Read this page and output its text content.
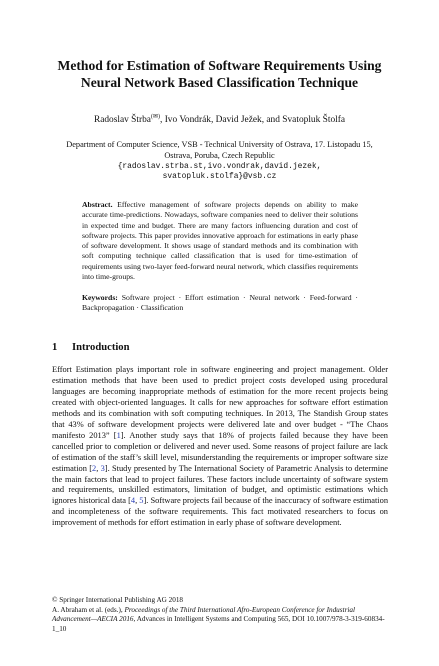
Method for Estimation of Software Requirements Using Neural Network Based Classification Technique
Radoslav Štrba(✉), Ivo Vondrák, David Ježek, and Svatopluk Štolfa
Department of Computer Science, VSB - Technical University of Ostrava, 17. Listopadu 15,
Ostrava, Poruba, Czech Republic
{radoslav.strba.st,ivo.vondrak,david.jezek,
svatopluk.stolfa}@vsb.cz
Abstract. Effective management of software projects depends on ability to make accurate time-predictions. Nowadays, software companies need to deliver their solutions in expected time and budget. There are many factors influencing duration and cost of software projects. This paper provides innovative approach for estimations in early phase of software development. It shows usage of standard methods and its combination with soft computing technique called classification that is used for time-estimation of requirements using two-layer feed-forward neural network, which classifies requirements into time-groups.
Keywords: Software project · Effort estimation · Neural network · Feed-forward · Backpropagation · Classification
1 Introduction
Effort Estimation plays important role in software engineering and project management. Older estimation methods that have been used to predict project costs developed using procedural languages are becoming inappropriate methods of estimation for the more recent projects being created with object-oriented languages. It calls for new approaches for software effort estimation methods and its combination with soft computing techniques. In 2013, The Standish Group states that 43% of software development projects were delivered late and over budget - “The Chaos manifesto 2013” [1]. Another study says that 18% of projects failed because they have been cancelled prior to completion or delivered and never used. Some reasons of project failure are lack of estimation of the staff’s skill level, misunderstanding the requirements or improper software size estimation [2, 3]. Study presented by The International Society of Parametric Analysis to determine the main factors that lead to project failures. These factors include uncertainty of software system and requirements, unskilled estimators, limitation of budget, and optimistic estimations which ignores historical data [4, 5]. Software projects fail because of the inaccuracy of software estimation and incompleteness of the software requirements. This fact motivated researchers to focus on improvement of methods for effort estimation in early phase of software development.
© Springer International Publishing AG 2018
A. Abraham et al. (eds.), Proceedings of the Third International Afro-European Conference for Industrial Advancement—AECIA 2016, Advances in Intelligent Systems and Computing 565, DOI 10.1007/978-3-319-60834-1_10
